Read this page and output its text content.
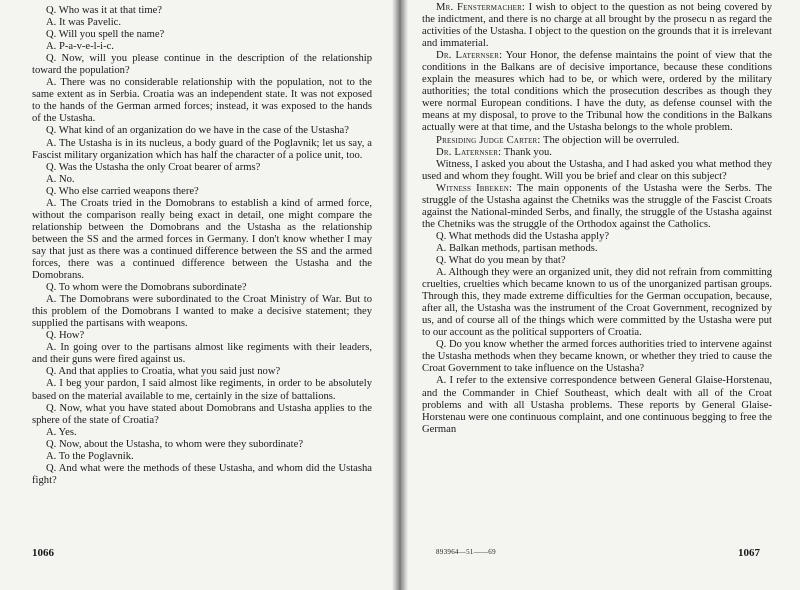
Q. Who was it at that time?

A. It was Pavelic.

Q. Will you spell the name?

A. P-a-v-e-l-i-c.

Q. Now, will you please continue in the description of the relationship toward the population?

A. There was no considerable relationship with the population, not to the same extent as in Serbia. Croatia was an independent state. It was not exposed to the hands of the German armed forces; instead, it was exposed to the hands of the Ustasha.

Q. What kind of an organization do we have in the case of the Ustasha?

A. The Ustasha is in its nucleus, a body guard of the Poglavnik; let us say, a Fascist military organization which has half the character of a police unit, too.

Q. Was the Ustasha the only Croat bearer of arms?

A. No.

Q. Who else carried weapons there?

A. The Croats tried in the Domobrans to establish a kind of armed force, without the comparison really being exact in detail, one might compare the relationship between the Domobrans and the Ustasha as the relationship between the SS and the armed forces in Germany. I don't know whether I may say that just as there was a continued difference between the SS and the armed forces, there was a continued difference between the Ustasha and the Domobrans.

Q. To whom were the Domobrans subordinate?

A. The Domobrans were subordinated to the Croat Ministry of War. But to this problem of the Domobrans I wanted to make a decisive statement; they supplied the partisans with weapons.

Q. How?

A. In going over to the partisans almost like regiments with their leaders, and their guns were fired against us.

Q. And that applies to Croatia, what you said just now?

A. I beg your pardon, I said almost like regiments, in order to be absolutely based on the material available to me, certainly in the size of battalions.

Q. Now, what you have stated about Domobrans and Ustasha applies to the sphere of the state of Croatia?

A. Yes.

Q. Now, about the Ustasha, to whom were they subordinate?

A. To the Poglavnik.

Q. And what were the methods of these Ustasha, and whom did the Ustasha fight?

1066

Mr. Fenstermacher: I wish to object to the question as not being covered by the indictment, and there is no charge at all brought by the prosecu n as regard the activities of the Ustasha. I object to the question on the grounds that it is irrelevant and immaterial.

Dr. Laternser: Your Honor, the defense maintains the point of view that the conditions in the Balkans are of decisive importance, because these conditions explain the measures which had to be, or which were, ordered by the military authorities; the total conditions which the prosecution describes as though they were normal European conditions. I have the duty, as defense counsel with the means at my disposal, to prove to the Tribunal how the conditions in the Balkans actually were at that time, and the Ustasha belongs to the whole problem.

Presiding Judge Carter: The objection will be overruled.

Dr. Laternser: Thank you.

Witness, I asked you about the Ustasha, and I had asked you what method they used and whom they fought. Will you be brief and clear on this subject?

Witness Ibbeken: The main opponents of the Ustasha were the Serbs. The struggle of the Ustasha against the Chetniks was the struggle of the Fascist Croats against the National-minded Serbs, and finally, the struggle of the Ustasha against the Chetniks was the struggle of the Orthodox against the Catholics.

Q. What methods did the Ustasha apply?

A. Balkan methods, partisan methods.

Q. What do you mean by that?

A. Although they were an organized unit, they did not refrain from committing cruelties, cruelties which became known to us of the unorganized partisan groups. Through this, they made extreme difficulties for the German occupation, because, after all, the Ustasha was the instrument of the Croat Government, recognized by us, and of course all of the things which were committed by the Ustasha were put to our account as the political supporters of Croatia.

Q. Do you know whether the armed forces authorities tried to intervene against the Ustasha methods when they became known, or whether they tried to cause the Croat Government to take influence on the Ustasha?

A. I refer to the extensive correspondence between General Glaise-Horstenau, and the Commander in Chief Southeast, which dealt with all of the Croat problems and with all Ustasha problems. These reports by General Glaise-Horstenau were one continuous complaint, and one continuous begging to free the German

893964—51——69	1067
